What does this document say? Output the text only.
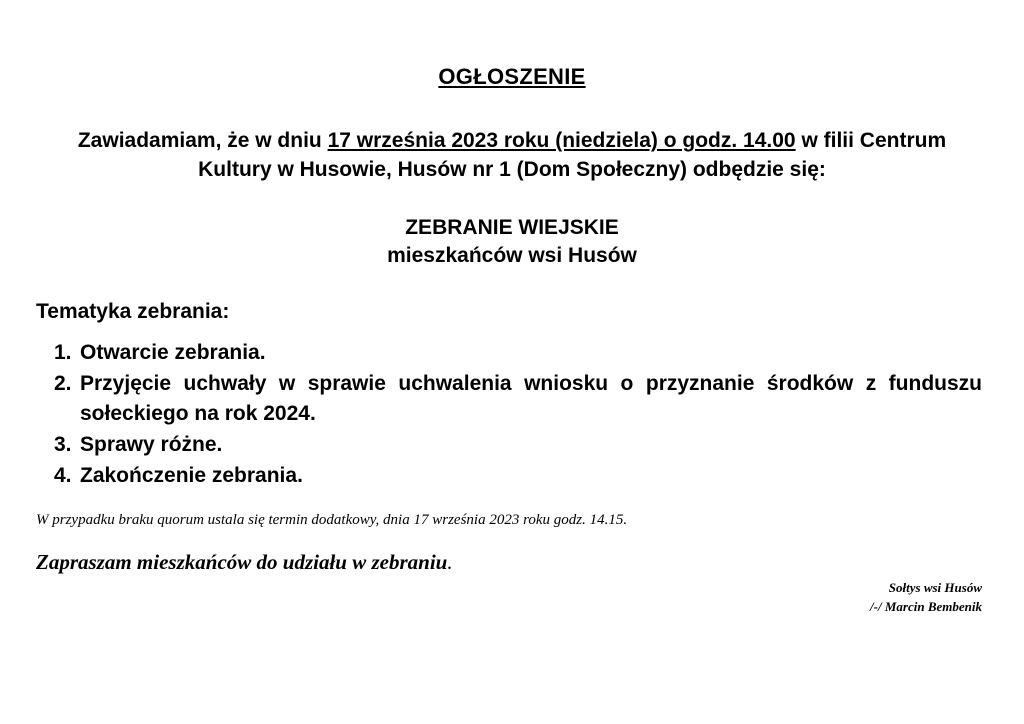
OGŁOSZENIE
Zawiadamiam, że w dniu 17 września 2023 roku (niedziela) o godz. 14.00 w filii Centrum Kultury w Husowie, Husów nr 1 (Dom Społeczny) odbędzie się:
ZEBRANIE WIEJSKIE
mieszkańców wsi Husów
Tematyka zebrania:
1. Otwarcie zebrania.
2. Przyjęcie uchwały w sprawie uchwalenia wniosku o przyznanie środków z funduszu sołeckiego na rok 2024.
3. Sprawy różne.
4. Zakończenie zebrania.
W przypadku braku quorum ustala się termin dodatkowy, dnia 17 września 2023 roku godz. 14.15.
Zapraszam mieszkańców do udziału w zebraniu.
Sołtys wsi Husów
/-/ Marcin Bembenik
